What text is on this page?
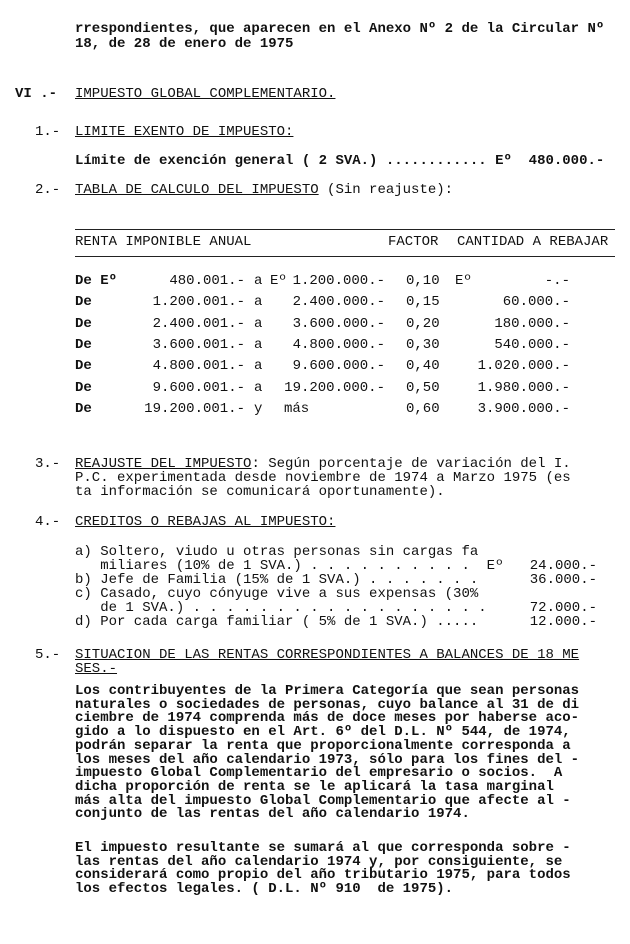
rrespondientes, que aparecen en el Anexo Nº 2 de la Circular Nº
18, de 28 de enero de 1975
VI .- IMPUESTO GLOBAL COMPLEMENTARIO.
1.- LIMITE EXENTO DE IMPUESTO:
Límite de exención general ( 2 SVA.) ............ Eº  480.000.-
2.- TABLA DE CALCULO DEL IMPUESTO (Sin reajuste):
RENTA IMPONIBLE ANUAL	FACTOR CANTIDAD A REBAJAR
De Eº	480.001.- a Eº 1.200.000.- 0,10 Eº	-.-
De	1.200.001.- a 2.400.000.- 0,15	60.000.-
De	2.400.001.- a 3.600.000.- 0,20	180.000.-
De	3.600.001.- a 4.800.000.- 0,30	540.000.-
De	4.800.001.- a 9.600.000.- 0,40	1.020.000.-
De	9.600.001.- a 19.200.000.- 0,50	1.980.000.-
De	19.200.001.- y más	0,60	3.900.000.-
3.- REAJUSTE DEL IMPUESTO: Según porcentaje de variación del I.
P.C. experimentada desde noviembre de 1974 a Marzo 1975 (es
ta información se comunicará oportunamente).
4.- CREDITOS O REBAJAS AL IMPUESTO:
a) Soltero, viudo u otras personas sin cargas fa
miliares (10% de 1 SVA.) . . . . . . . . . .  Eº 24.000.-
b) Jefe de Familia (15% de 1 SVA.) . . . . . . .	36.000.-
c) Casado, cuyo cónyuge vive a sus expensas (30%
de 1 SVA.) . . . . . . . . . . . . . . . . . .	72.000.-
d) Por cada carga familiar ( 5% de 1 SVA.) .....	12.000.-
5.- SITUACION DE LAS RENTAS CORRESPONDIENTES A BALANCES DE 18 ME
SES.-
Los contribuyentes de la Primera Categoría que sean personas
naturales o sociedades de personas, cuyo balance al 31 de di
ciembre de 1974 comprenda más de doce meses por haberse aco-
gido a lo dispuesto en el Art. 6º del D.L. Nº 544, de 1974,
podrán separar la renta que proporcionalmente corresponda a
los meses del año calendario 1973, sólo para los fines del -
impuesto Global Complementario del empresario o socios.  A
dicha proporción de renta se le aplicará la tasa marginal
más alta del impuesto Global Complementario que afecte al -
conjunto de las rentas del año calendario 1974.
El impuesto resultante se sumará al que corresponda sobre -
las rentas del año calendario 1974 y, por consiguiente, se
considerará como propio del año tributario 1975, para todos
los efectos legales. ( D.L. Nº 910  de 1975).
